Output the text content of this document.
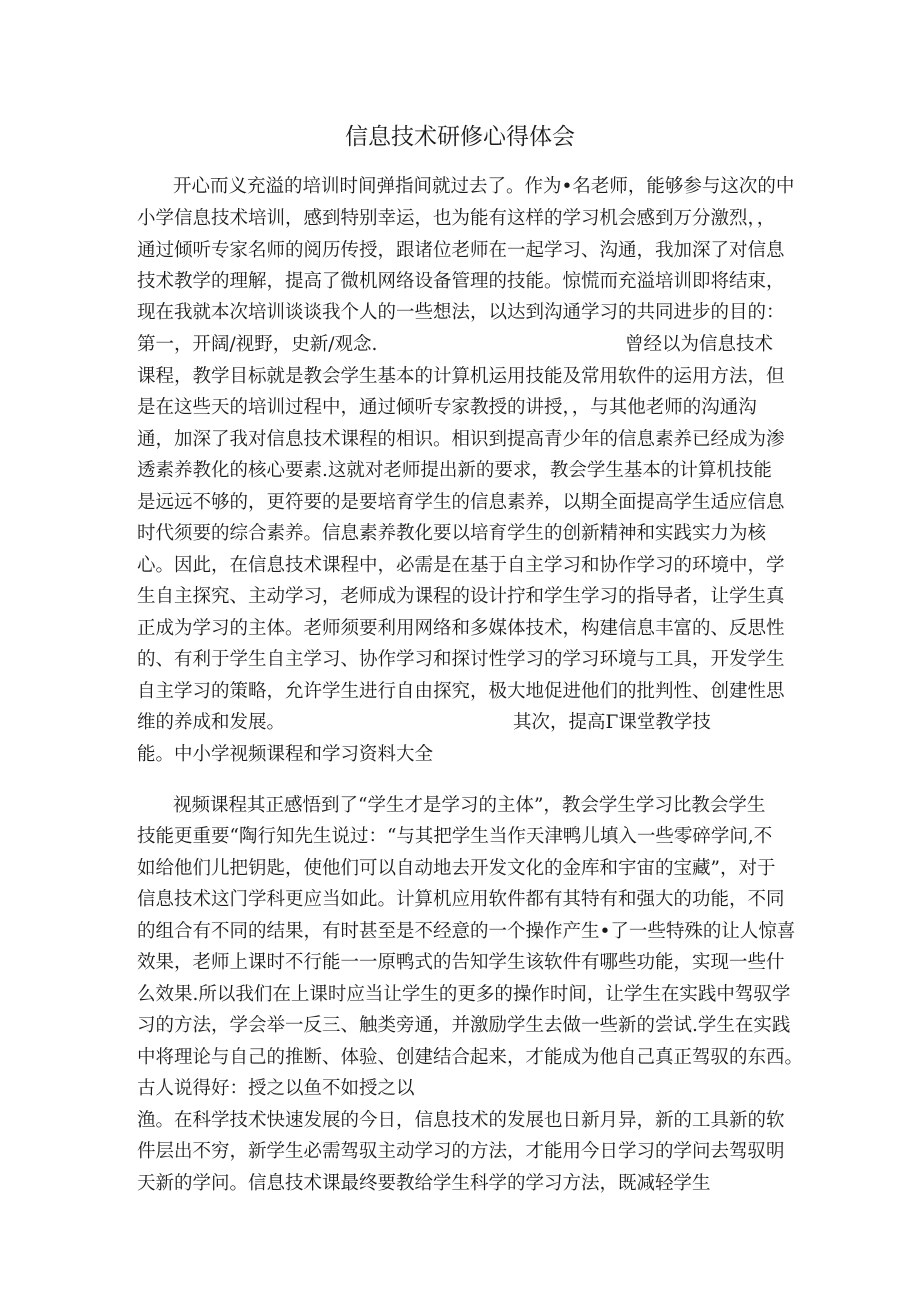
信息技术研修心得体会
开心而义充溢的培训时间弹指间就过去了。作为•名老师，能够参与这次的中
小学信息技术培训，感到特别幸运，也为能有这样的学习机会感到万分激烈，，
通过倾听专家名师的阅历传授，跟诸位老师在一起学习、沟通，我加深了对信息
技术教学的理解，提高了微机网络设备管理的技能。惊慌而充溢培训即将结束，
现在我就本次培训谈谈我个人的一些想法，以达到沟通学习的共同进步的目的：
第一，开阔/视野，史新/观念.	曾经以为信息技术
课程，教学目标就是教会学生基本的计算机运用技能及常用软件的运用方法，但
是在这些天的培训过程中，通过倾听专家教授的讲授，，与其他老师的沟通沟
通，加深了我对信息技术课程的相识。相识到提高青少年的信息素养已经成为渗
透素养教化的核心要素.这就对老师提出新的要求，教会学生基本的计算机技能
是远远不够的，更符要的是要培育学生的信息素养，以期全面提高学生适应信息
时代须要的综合素养。信息素养教化要以培育学生的创新精神和实践实力为核
心。因此，在信息技术课程中，必需是在基于自主学习和协作学习的环境中，学
生自主探究、主动学习，老师成为课程的设计拧和学生学习的指导者，让学生真
正成为学习的主体。老师须要利用网络和多媒体技术，构建信息丰富的、反思性
的、有利于学生自主学习、协作学习和探讨性学习的学习环境与工具，开发学生
自主学习的策略，允许学生进行自由探究，极大地促进他们的批判性、创建性思
维的养成和发展。	其次，提高Γ课堂教学技
能。中小学视频课程和学习资料大全
视频课程其正感悟到了“学生才是学习的主体”，教会学生学习比教会学生
技能更重要“陶行知先生说过：“与其把学生当作天津鸭儿填入一些零碎学问,不
如给他们儿把钥匙，使他们可以自动地去开发文化的金库和宇宙的宝藏”，对于
信息技术这门学科更应当如此。计算机应用软件都有其特有和强大的功能，不同
的组合有不同的结果，有时甚至是不经意的一个操作产生•了一些特殊的让人惊喜
效果，老师上课时不行能一一原鸭式的告知学生该软件有哪些功能，实现一些什
么效果.所以我们在上课时应当让学生的更多的操作时间，让学生在实践中驾驭学
习的方法，学会举一反三、触类旁通，并激励学生去做一些新的尝试.学生在实践
中将理论与自己的推断、体验、创建结合起来，才能成为他自己真正驾驭的东西。
古人说得好：授之以鱼不如授之以
渔。在科学技术快速发展的今日，信息技术的发展也日新月异，新的工具新的软
件层出不穷，新学生必需驾驭主动学习的方法，才能用今日学习的学问去驾驭明
天新的学问。信息技术课最终要教给学生科学的学习方法，既减轻学生
